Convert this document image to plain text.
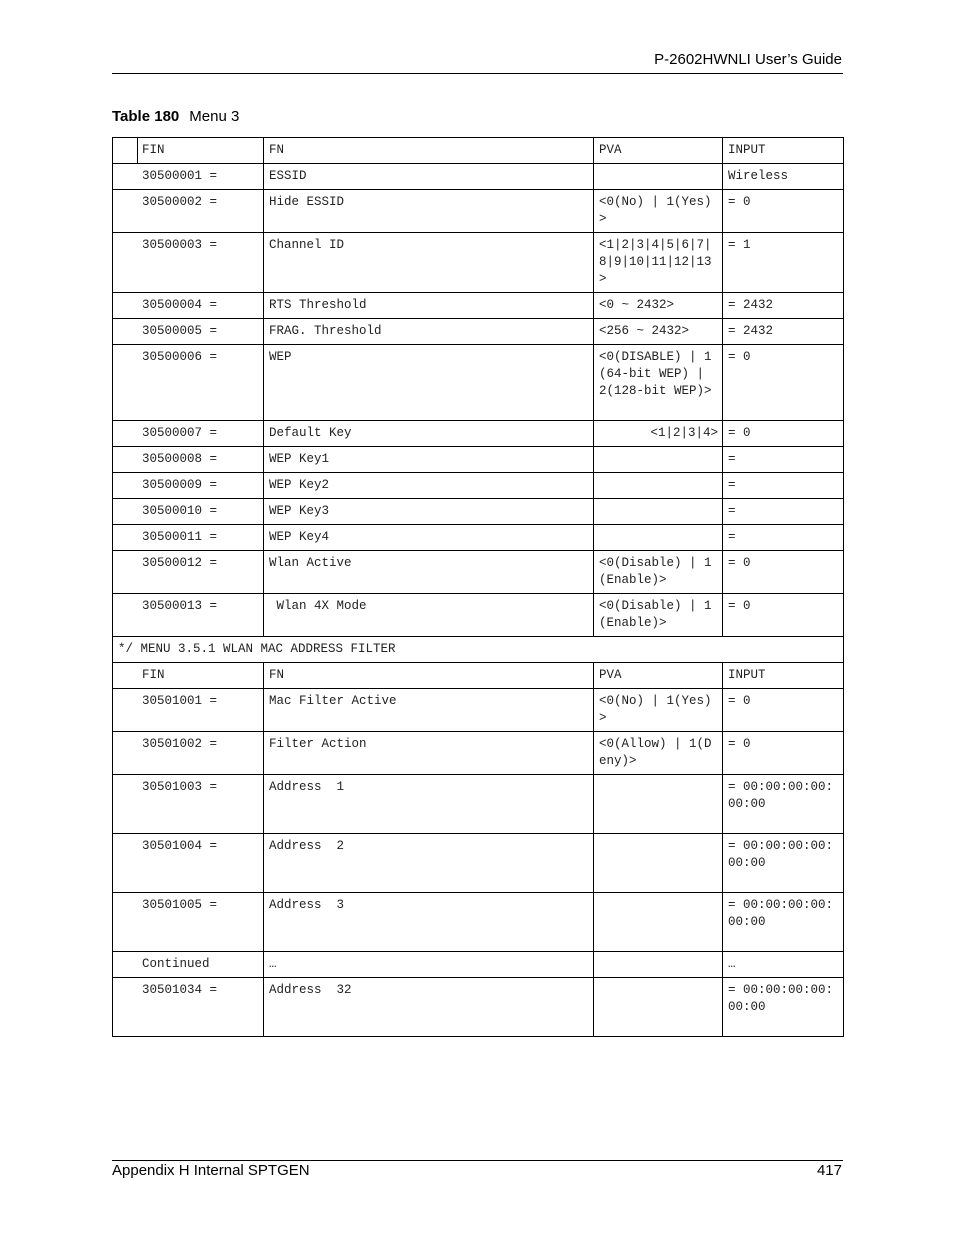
P-2602HWNLI User’s Guide
Table 180 Menu 3
	FIN	FN	PVA	INPUT
30500001 =		ESSID		Wireless
30500002 =		Hide ESSID	<0(No) | 1(Yes)>	= 0
30500003 =		Channel ID	<1|2|3|4|5|6|7|8|9|10|11|12|13>	= 1
30500004 =		RTS Threshold	<0 ~ 2432>	= 2432
30500005 =		FRAG. Threshold	<256 ~ 2432>	= 2432
30500006 =		WEP	<0(DISABLE) | 1(64-bit WEP) | 2(128-bit WEP)>	= 0
30500007 =		Default Key	<1|2|3|4>	= 0
30500008 =		WEP Key1		=
30500009 =		WEP Key2		=
30500010 =		WEP Key3		=
30500011 =		WEP Key4		=
30500012 =		Wlan Active	<0(Disable) | 1(Enable)>	= 0
30500013 =		Wlan 4X Mode	<0(Disable) | 1(Enable)>	= 0
*/ MENU 3.5.1 WLAN MAC ADDRESS FILTER				
FIN		FN	PVA	INPUT
30501001 =		Mac Filter Active	<0(No) | 1(Yes)>	= 0
30501002 =		Filter Action	<0(Allow) | 1(Deny)>	= 0
30501003 =		Address  1		= 00:00:00:00:00:00
30501004 =		Address  2		= 00:00:00:00:00:00
30501005 =		Address  3		= 00:00:00:00:00:00
Continued		…		…
30501034 =		Address  32		= 00:00:00:00:00:00
Appendix H Internal SPTGEN	417
